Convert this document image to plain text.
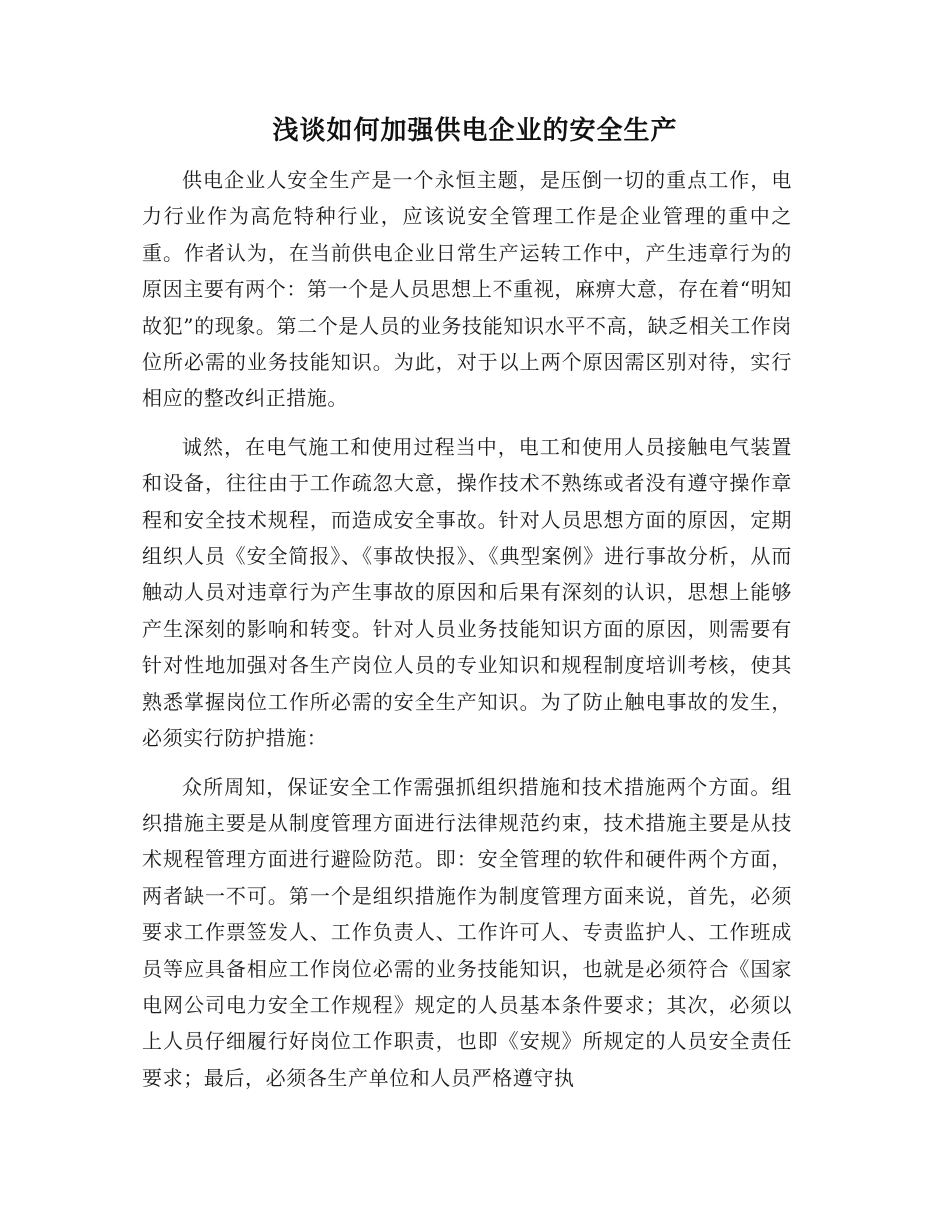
浅谈如何加强供电企业的安全生产

供电企业人安全生产是一个永恒主题，是压倒一切的重点工作，电力行业作为高危特种行业，应该说安全管理工作是企业管理的重中之重。作者认为，在当前供电企业日常生产运转工作中，产生违章行为的原因主要有两个：第一个是人员思想上不重视，麻痹大意，存在着“明知故犯”的现象。第二个是人员的业务技能知识水平不高，缺乏相关工作岗位所必需的业务技能知识。为此，对于以上两个原因需区别对待，实行相应的整改纠正措施。

诚然，在电气施工和使用过程当中，电工和使用人员接触电气装置和设备，往往由于工作疏忽大意，操作技术不熟练或者没有遵守操作章程和安全技术规程，而造成安全事故。针对人员思想方面的原因，定期组织人员《安全简报》、《事故快报》、《典型案例》进行事故分析，从而触动人员对违章行为产生事故的原因和后果有深刻的认识，思想上能够产生深刻的影响和转变。针对人员业务技能知识方面的原因，则需要有针对性地加强对各生产岗位人员的专业知识和规程制度培训考核，使其熟悉掌握岗位工作所必需的安全生产知识。为了防止触电事故的发生，必须实行防护措施：

众所周知，保证安全工作需强抓组织措施和技术措施两个方面。组织措施主要是从制度管理方面进行法律规范约束，技术措施主要是从技术规程管理方面进行避险防范。即：安全管理的软件和硬件两个方面，两者缺一不可。第一个是组织措施作为制度管理方面来说，首先，必须要求工作票签发人、工作负责人、工作许可人、专责监护人、工作班成员等应具备相应工作岗位必需的业务技能知识，也就是必须符合《国家电网公司电力安全工作规程》规定的人员基本条件要求；其次，必须以上人员仔细履行好岗位工作职责，也即《安规》所规定的人员安全责任要求；最后，必须各生产单位和人员严格遵守执
